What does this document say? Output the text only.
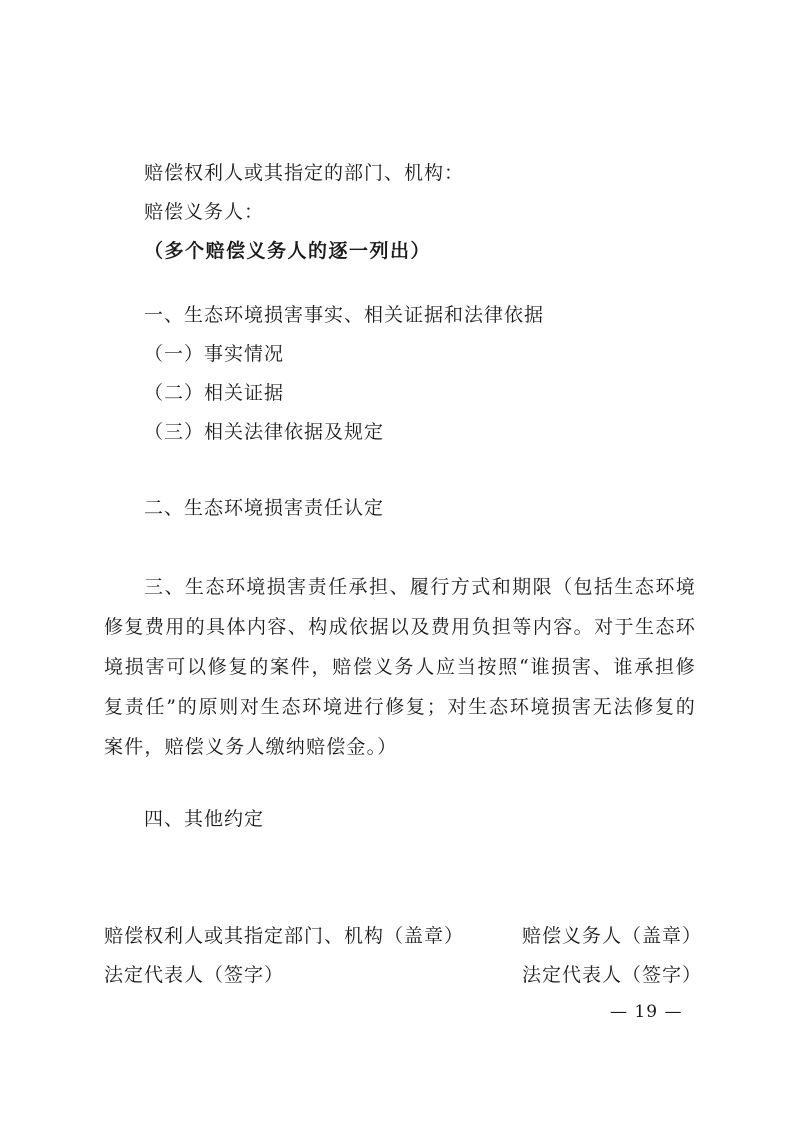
赔偿权利人或其指定的部门、机构：
赔偿义务人：
（多个赔偿义务人的逐一列出）
一、生态环境损害事实、相关证据和法律依据
（一）事实情况
（二）相关证据
（三）相关法律依据及规定
二、生态环境损害责任认定
三、生态环境损害责任承担、履行方式和期限（包括生态环境修复费用的具体内容、构成依据以及费用负担等内容。对于生态环境损害可以修复的案件，赔偿义务人应当按照“谁损害、谁承担修复责任”的原则对生态环境进行修复；对生态环境损害无法修复的案件，赔偿义务人缴纳赔偿金。）
四、其他约定
赔偿权利人或其指定部门、机构（盖章）
法定代表人（签字）
赔偿义务人（盖章）
法定代表人（签字）
— 19 —
